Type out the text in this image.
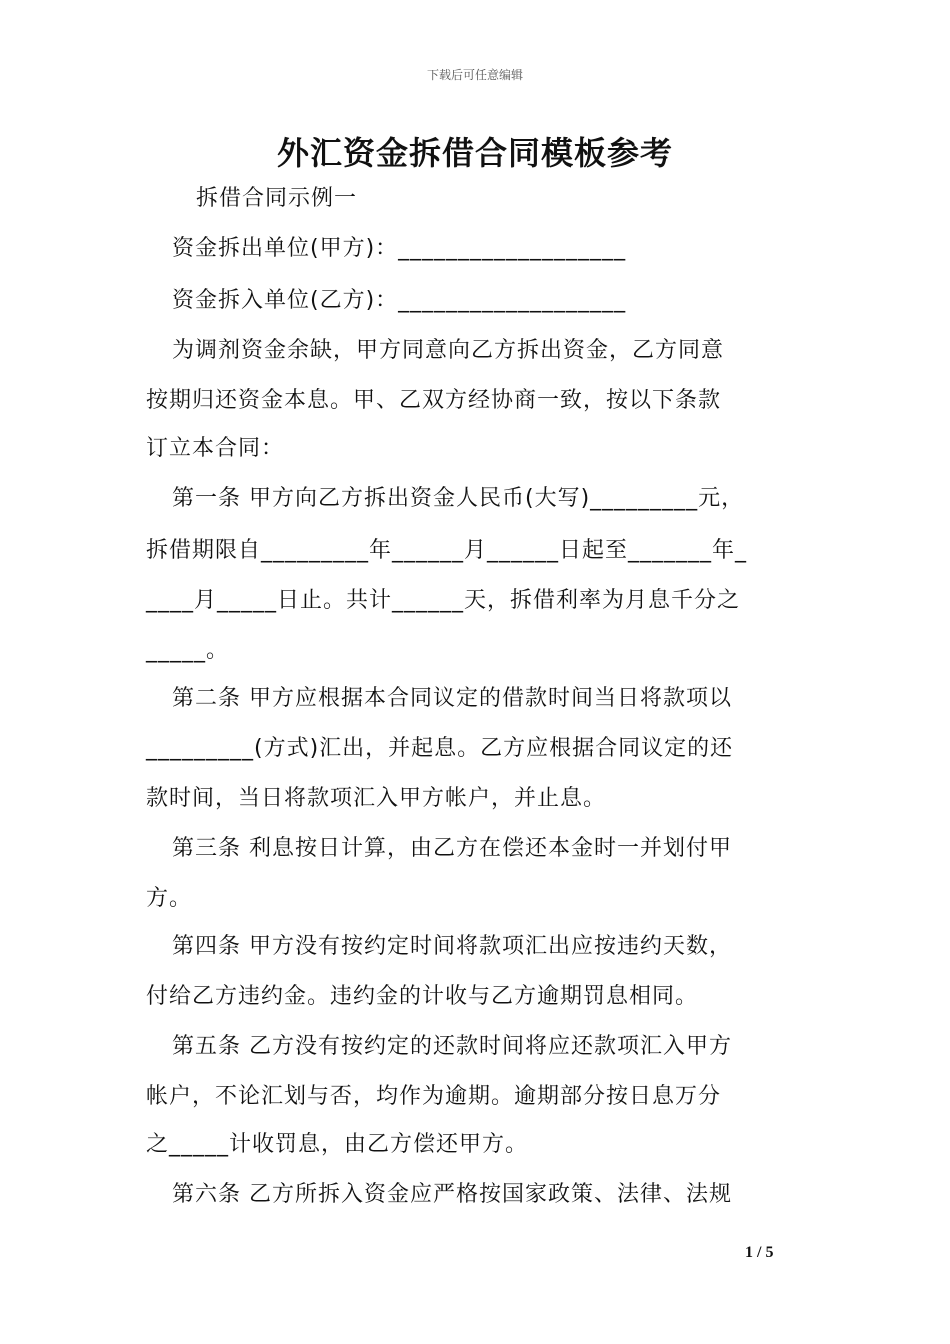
下载后可任意编辑
外汇资金拆借合同模板参考
拆借合同示例一
资金拆出单位(甲方)：___________________
资金拆入单位(乙方)：___________________
为调剂资金余缺，甲方同意向乙方拆出资金，乙方同意
按期归还资金本息。甲、乙双方经协商一致，按以下条款
订立本合同：
第一条 甲方向乙方拆出资金人民币(大写)_________元，
拆借期限自_________年______月______日起至_______年_
____月_____日止。共计______天，拆借利率为月息千分之
_____。
第二条 甲方应根据本合同议定的借款时间当日将款项以
_________(方式)汇出，并起息。乙方应根据合同议定的还
款时间，当日将款项汇入甲方帐户，并止息。
第三条 利息按日计算，由乙方在偿还本金时一并划付甲
方。
第四条 甲方没有按约定时间将款项汇出应按违约天数，
付给乙方违约金。违约金的计收与乙方逾期罚息相同。
第五条 乙方没有按约定的还款时间将应还款项汇入甲方
帐户，不论汇划与否，均作为逾期。逾期部分按日息万分
之_____计收罚息，由乙方偿还甲方。
第六条 乙方所拆入资金应严格按国家政策、法律、法规
1 / 5
